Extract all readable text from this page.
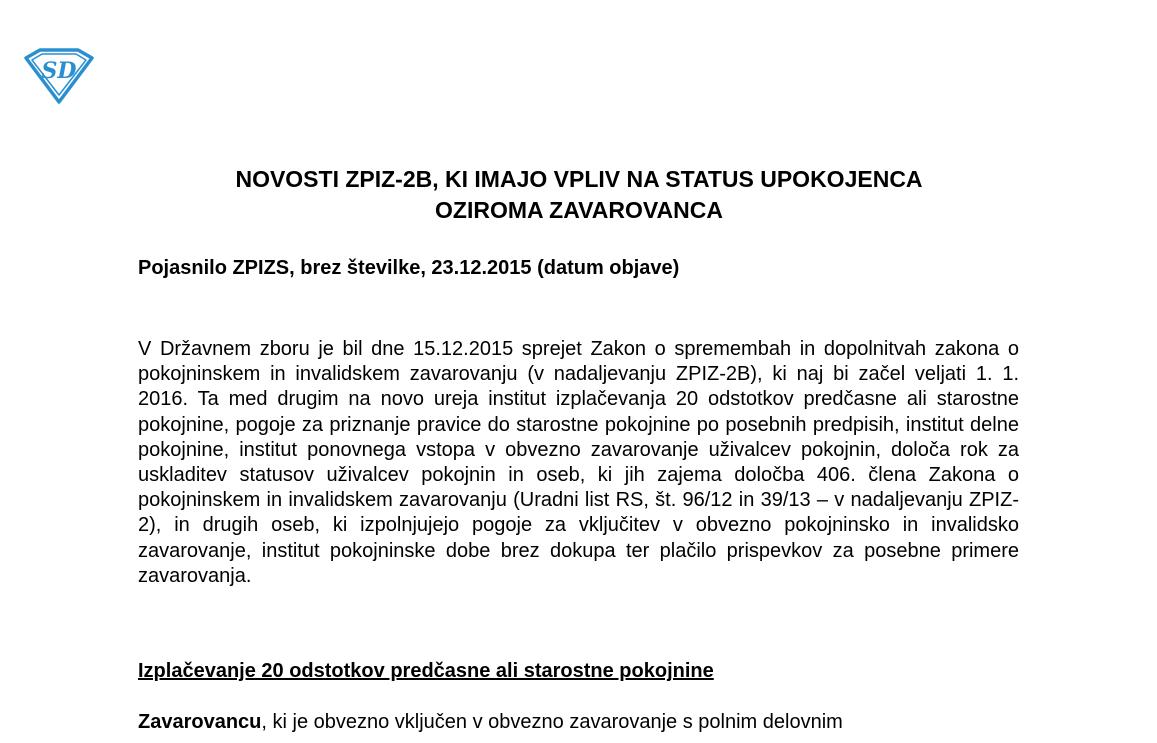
SD
NOVOSTI ZPIZ-2B, KI IMAJO VPLIV NA STATUS UPOKOJENCA
OZIROMA ZAVAROVANCA
Pojasnilo ZPIZS, brez številke, 23.12.2015 (datum objave)

V Državnem zboru je bil dne 15.12.2015 sprejet Zakon o spremembah in dopolnitvah zakona o pokojninskem in invalidskem zavarovanju (v nadaljevanju ZPIZ-2B), ki naj bi začel veljati 1. 1. 2016. Ta med drugim na novo ureja institut izplačevanja 20 odstotkov predčasne ali starostne pokojnine, pogoje za priznanje pravice do starostne pokojnine po posebnih predpisih, institut delne pokojnine, institut ponovnega vstopa v obvezno zavarovanje uživalcev pokojnin, določa rok za uskladitev statusov uživalcev pokojnin in oseb, ki jih zajema določba 406. člena Zakona o pokojninskem in invalidskem zavarovanju (Uradni list RS, št. 96/12 in 39/13 – v nadaljevanju ZPIZ-2), in drugih oseb, ki izpolnjujejo pogoje za vključitev v obvezno pokojninsko in invalidsko zavarovanje, institut pokojninske dobe brez dokupa ter plačilo prispevkov za posebne primere zavarovanja.

Izplačevanje 20 odstotkov predčasne ali starostne pokojnine

Zavarovancu, ki je obvezno vključen v obvezno zavarovanje s polnim delovnim
